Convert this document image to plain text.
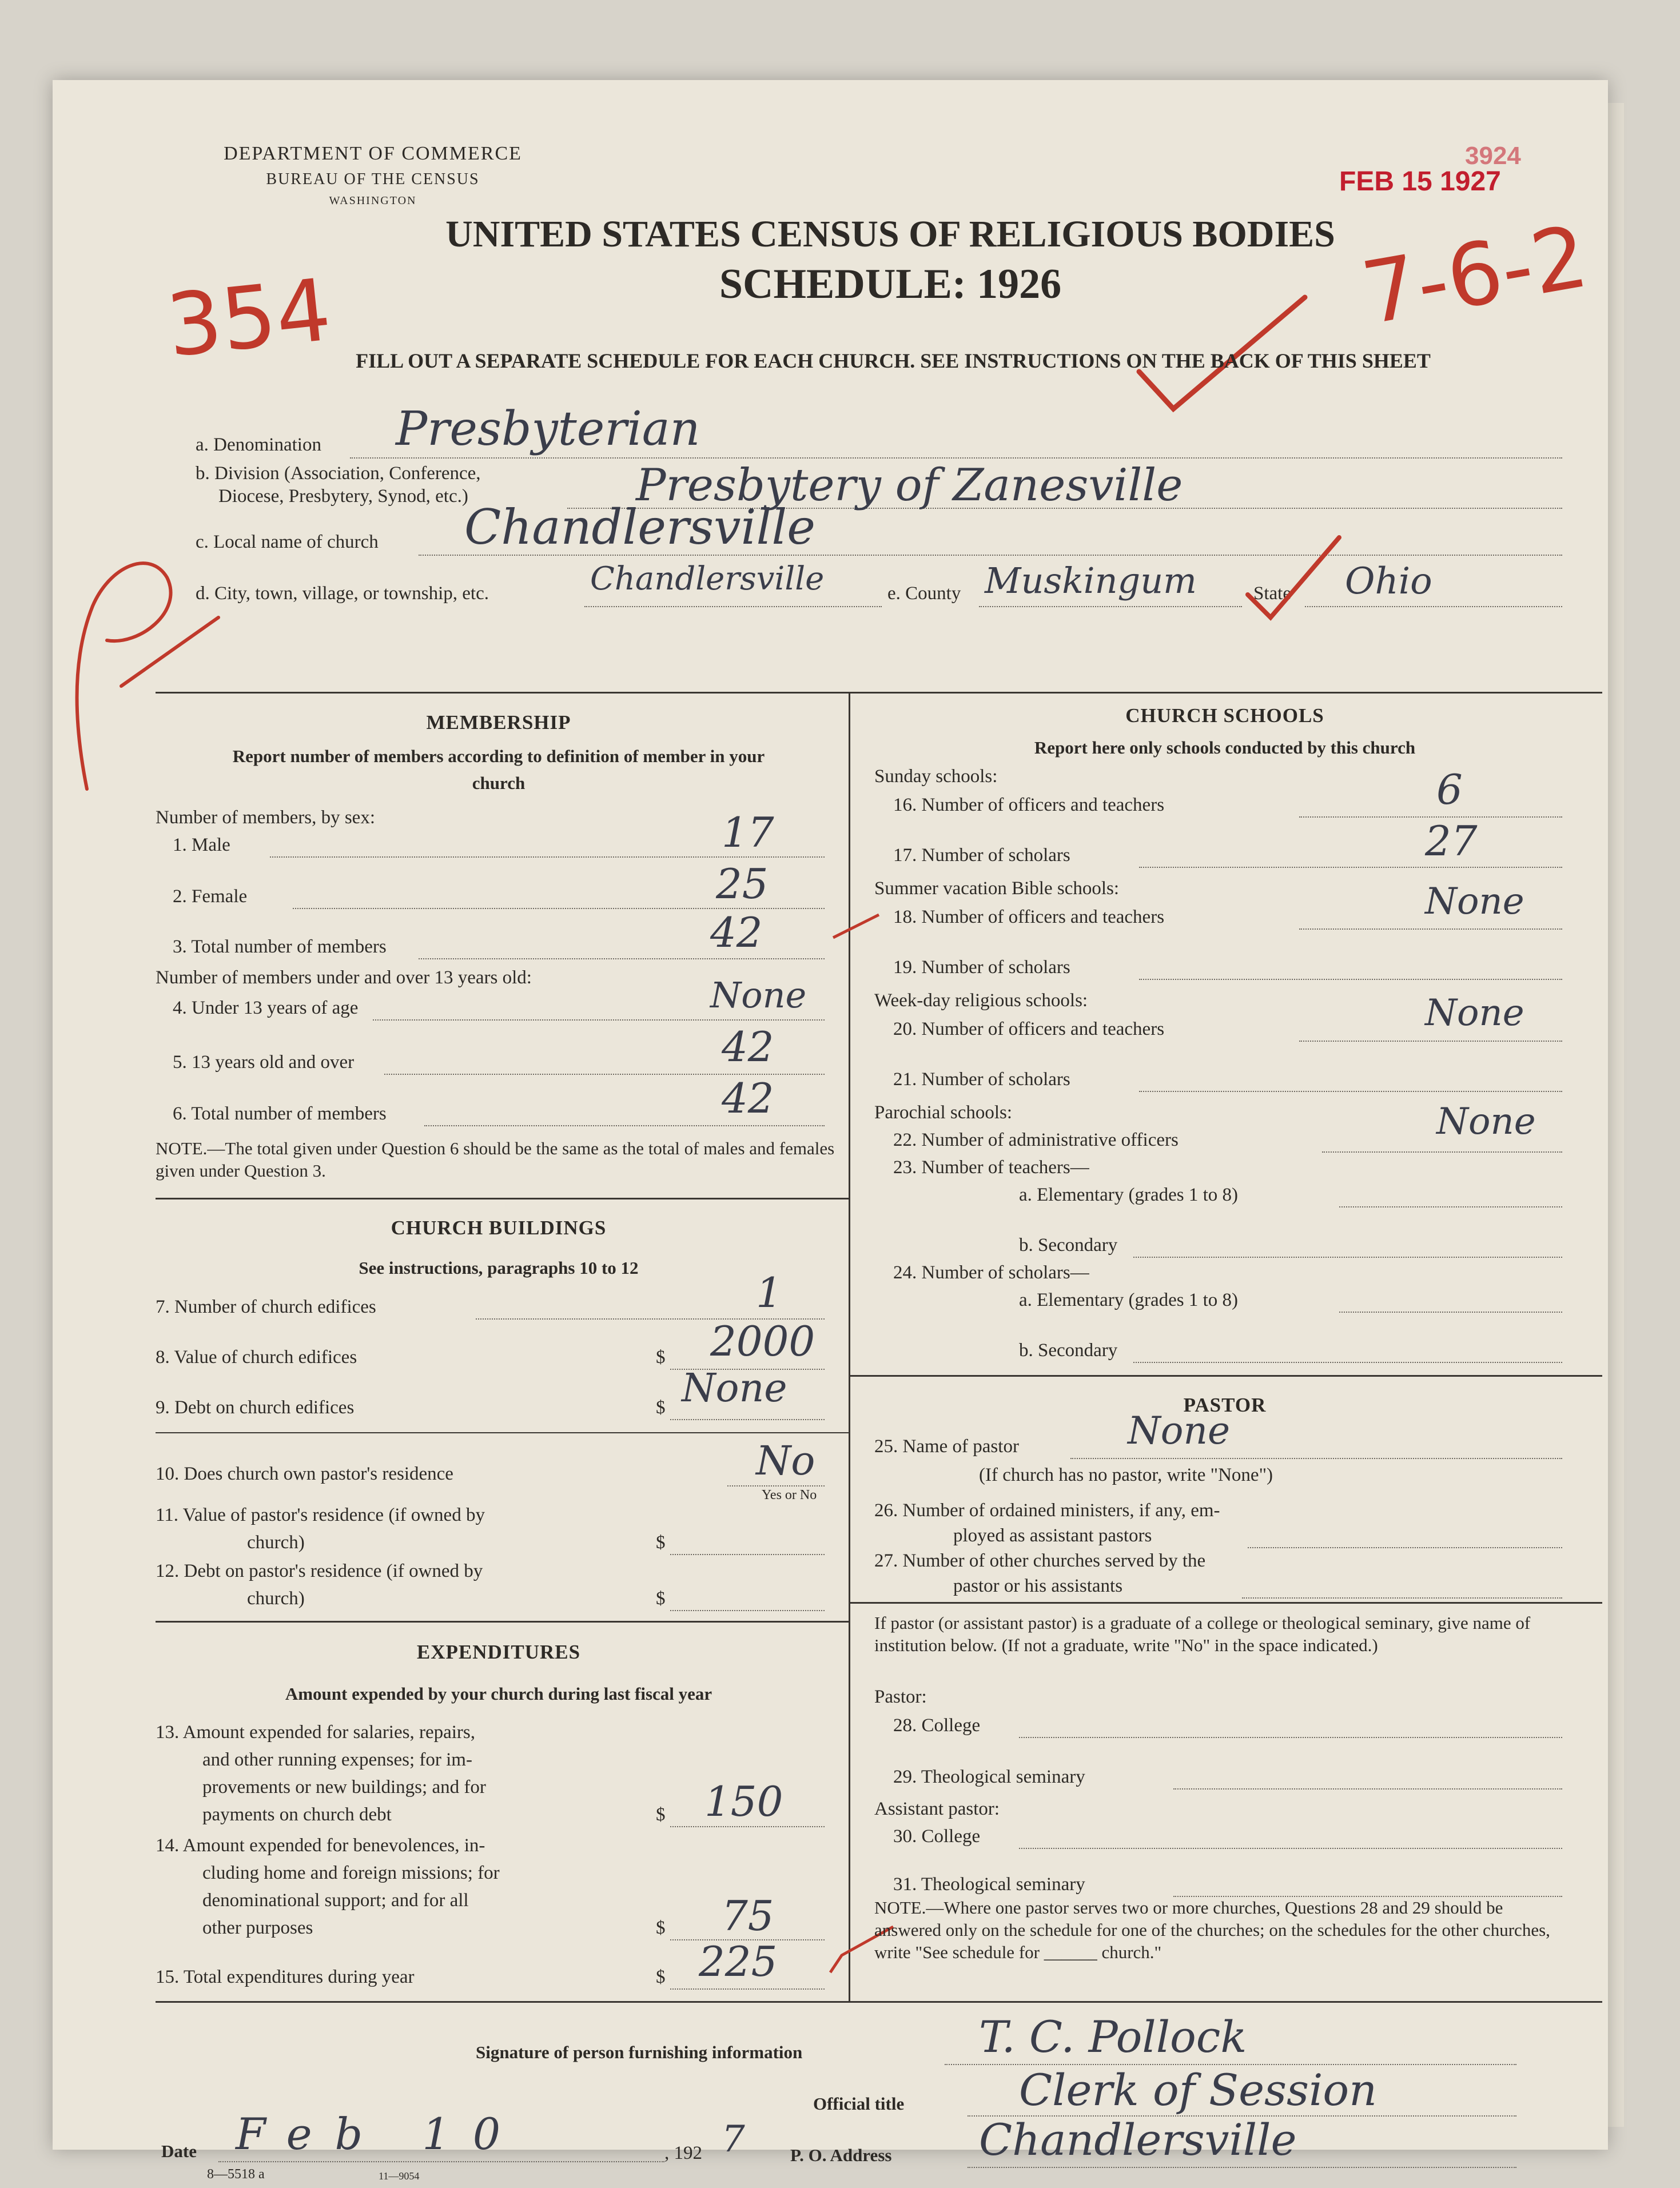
DEPARTMENT OF COMMERCE
BUREAU OF THE CENSUS
WASHINGTON
UNITED STATES CENSUS OF RELIGIOUS BODIES
SCHEDULE: 1926
FEB 15 1927
3924
354	7-6-2
FILL OUT A SEPARATE SCHEDULE FOR EACH CHURCH. SEE INSTRUCTIONS ON THE BACK OF THIS SHEET
a. Denomination Presbyterian
b. Division (Association, Conference,
Diocese, Presbytery, Synod, etc.)	Presbytery of Zanesville
c. Local name of church Chandlersville
d. City, town, village, or township, etc.	Chandlersville	e. County Muskingum	State Ohio
MEMBERSHIP
Report number of members according to definition of member in your church
Number of members, by sex:
1. Male	17
2. Female	25
3. Total number of members	42
Number of members under and over 13 years old:
4. Under 13 years of age	None
5. 13 years old and over	42
6. Total number of members	42
NOTE.—The total given under Question 6 should be the same as the total of males and females given under Question 3.
CHURCH BUILDINGS
See instructions, paragraphs 10 to 12
7. Number of church edifices	1
8. Value of church edifices	$ 2000
9. Debt on church edifices	$ None
10. Does church own pastor's residence	No
Yes or No
11. Value of pastor's residence (if owned by
church)	$
12. Debt on pastor's residence (if owned by
church)	$
EXPENDITURES
Amount expended by your church during last fiscal year
13. Amount expended for salaries, repairs,
and other running expenses; for im-
provements or new buildings; and for
payments on church debt	$ 150
14. Amount expended for benevolences, in-
cluding home and foreign missions; for
denominational support; and for all
other purposes	$ 75
15. Total expenditures during year	$ 225
CHURCH SCHOOLS
Report here only schools conducted by this church
Sunday schools:
16. Number of officers and teachers	6
17. Number of scholars	27
Summer vacation Bible schools:
18. Number of officers and teachers	None
19. Number of scholars
Week-day religious schools:
20. Number of officers and teachers	None
21. Number of scholars
Parochial schools:
22. Number of administrative officers	None
23. Number of teachers—
a. Elementary (grades 1 to 8)
b. Secondary
24. Number of scholars—
a. Elementary (grades 1 to 8)
b. Secondary
PASTOR
25. Name of pastor	None
(If church has no pastor, write "None")
26. Number of ordained ministers, if any, em-
ployed as assistant pastors
27. Number of other churches served by the
pastor or his assistants
If pastor (or assistant pastor) is a graduate of a college or theological seminary, give name of institution below. (If not a graduate, write "No" in the space indicated.)
Pastor:
28. College
29. Theological seminary
Assistant pastor:
30. College
31. Theological seminary
NOTE.—Where one pastor serves two or more churches, Questions 28 and 29 should be answered only on the schedule for one of the churches; on the schedules for the other churches, write "See schedule for ______ church."
Signature of person furnishing information	T. C. Pollock
Official title	Clerk of Session
Date Feb 10	, 192 7	P. O. Address Chandlersville
8—5518 a	11—9054
